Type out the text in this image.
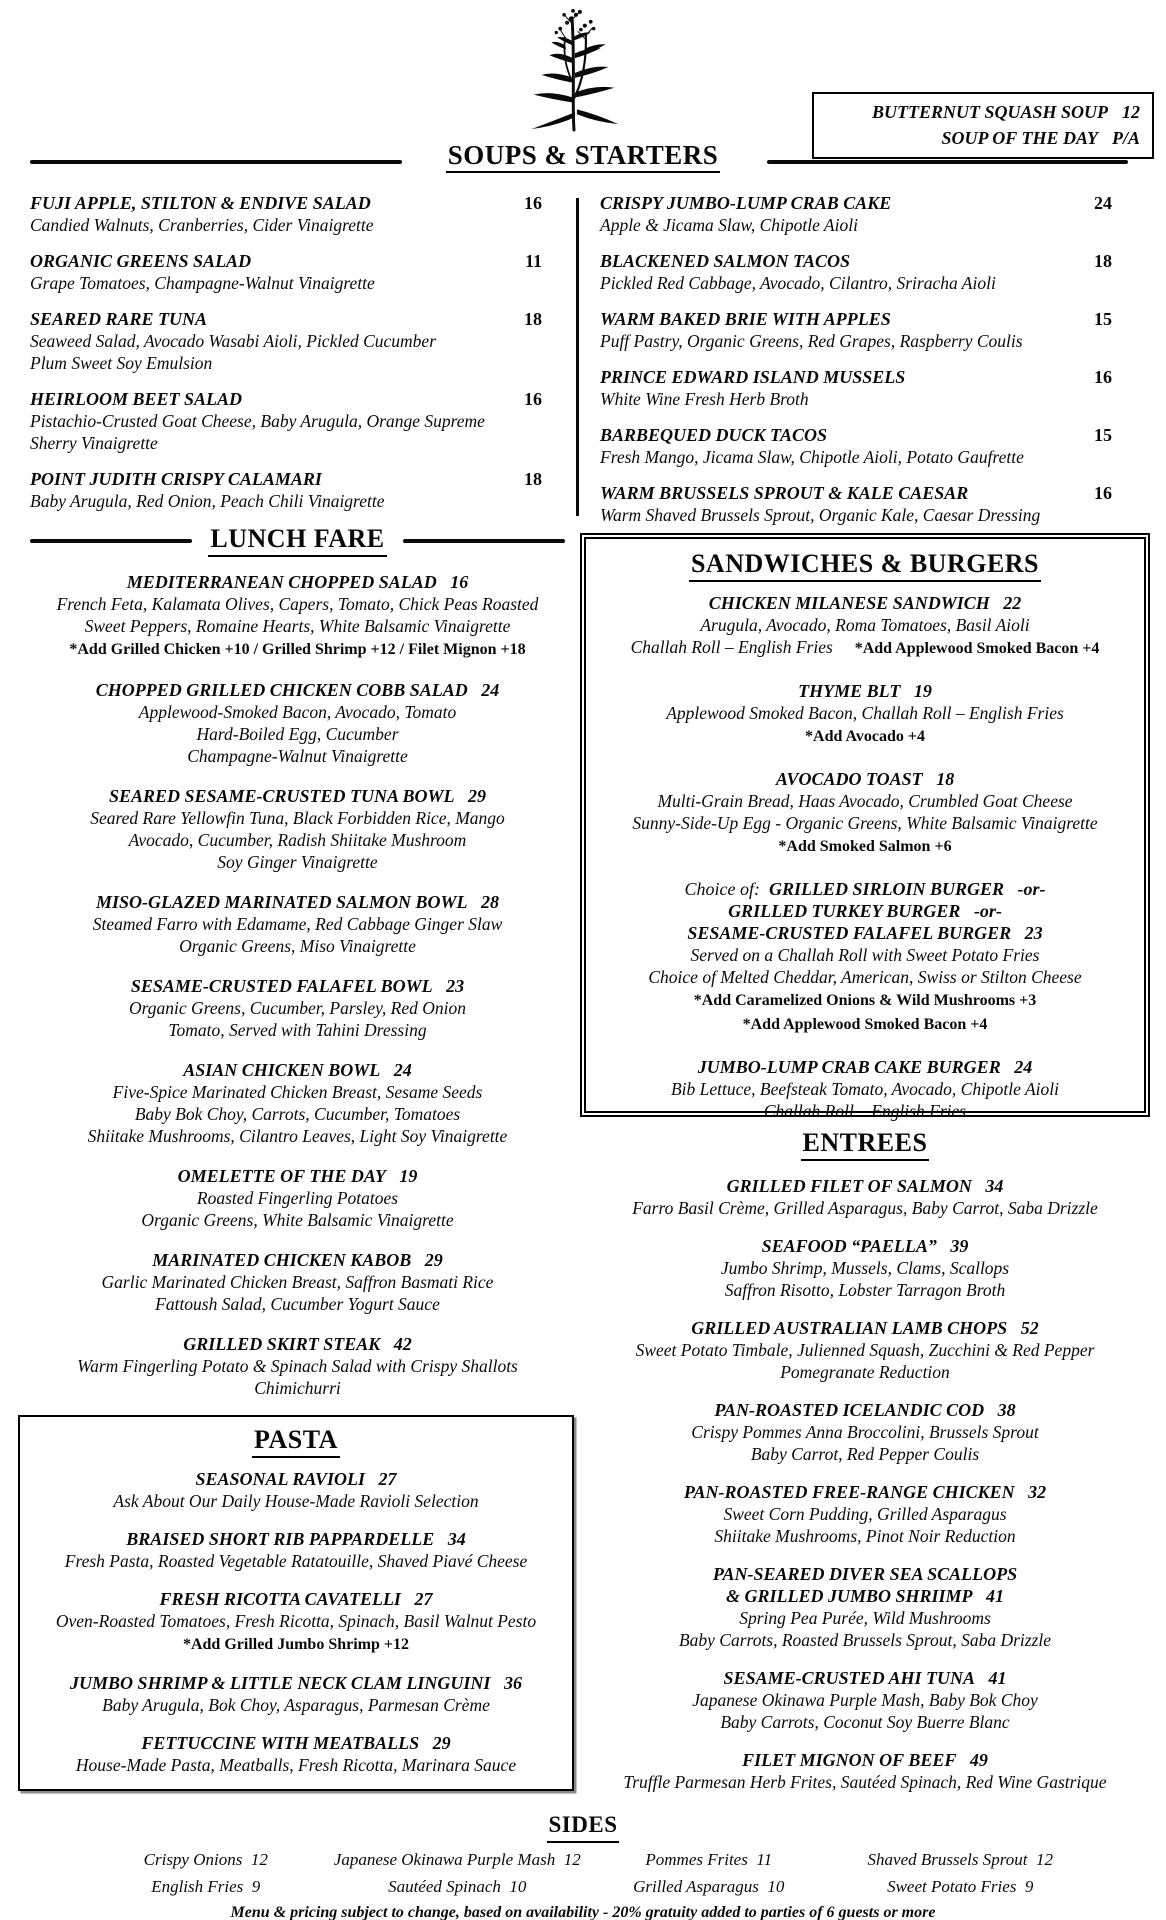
BUTTERNUT SQUASH SOUP 12
SOUP OF THE DAY P/A
SOUPS & STARTERS
FUJI APPLE, STILTON & ENDIVE SALAD	16
Candied Walnuts, Cranberries, Cider Vinaigrette
ORGANIC GREENS SALAD	11
Grape Tomatoes, Champagne-Walnut Vinaigrette
SEARED RARE TUNA	18
Seaweed Salad, Avocado Wasabi Aioli, Pickled Cucumber
Plum Sweet Soy Emulsion
HEIRLOOM BEET SALAD	16
Pistachio-Crusted Goat Cheese, Baby Arugula, Orange Supreme
Sherry Vinaigrette
POINT JUDITH CRISPY CALAMARI	18
Baby Arugula, Red Onion, Peach Chili Vinaigrette
CRISPY JUMBO-LUMP CRAB CAKE	24
Apple & Jicama Slaw, Chipotle Aioli
BLACKENED SALMON TACOS	18
Pickled Red Cabbage, Avocado, Cilantro, Sriracha Aioli
WARM BAKED BRIE WITH APPLES	15
Puff Pastry, Organic Greens, Red Grapes, Raspberry Coulis
PRINCE EDWARD ISLAND MUSSELS	16
White Wine Fresh Herb Broth
BARBEQUED DUCK TACOS	15
Fresh Mango, Jicama Slaw, Chipotle Aioli, Potato Gaufrette
WARM BRUSSELS SPROUT & KALE CAESAR	16
Warm Shaved Brussels Sprout, Organic Kale, Caesar Dressing
LUNCH FARE
MEDITERRANEAN CHOPPED SALAD 16
French Feta, Kalamata Olives, Capers, Tomato, Chick Peas Roasted
Sweet Peppers, Romaine Hearts, White Balsamic Vinaigrette
*Add Grilled Chicken +10 / Grilled Shrimp +12 / Filet Mignon +18
CHOPPED GRILLED CHICKEN COBB SALAD 24
Applewood-Smoked Bacon, Avocado, Tomato
Hard-Boiled Egg, Cucumber
Champagne-Walnut Vinaigrette
SEARED SESAME-CRUSTED TUNA BOWL 29
Seared Rare Yellowfin Tuna, Black Forbidden Rice, Mango
Avocado, Cucumber, Radish Shiitake Mushroom
Soy Ginger Vinaigrette
MISO-GLAZED MARINATED SALMON BOWL 28
Steamed Farro with Edamame, Red Cabbage Ginger Slaw
Organic Greens, Miso Vinaigrette
SESAME-CRUSTED FALAFEL BOWL 23
Organic Greens, Cucumber, Parsley, Red Onion
Tomato, Served with Tahini Dressing
ASIAN CHICKEN BOWL 24
Five-Spice Marinated Chicken Breast, Sesame Seeds
Baby Bok Choy, Carrots, Cucumber, Tomatoes
Shiitake Mushrooms, Cilantro Leaves, Light Soy Vinaigrette
OMELETTE OF THE DAY 19
Roasted Fingerling Potatoes
Organic Greens, White Balsamic Vinaigrette
MARINATED CHICKEN KABOB 29
Garlic Marinated Chicken Breast, Saffron Basmati Rice
Fattoush Salad, Cucumber Yogurt Sauce
GRILLED SKIRT STEAK 42
Warm Fingerling Potato & Spinach Salad with Crispy Shallots
Chimichurri
PASTA
SEASONAL RAVIOLI 27
Ask About Our Daily House-Made Ravioli Selection
BRAISED SHORT RIB PAPPARDELLE 34
Fresh Pasta, Roasted Vegetable Ratatouille, Shaved Piavé Cheese
FRESH RICOTTA CAVATELLI 27
Oven-Roasted Tomatoes, Fresh Ricotta, Spinach, Basil Walnut Pesto
*Add Grilled Jumbo Shrimp +12
JUMBO SHRIMP & LITTLE NECK CLAM LINGUINI 36
Baby Arugula, Bok Choy, Asparagus, Parmesan Crème
FETTUCCINE WITH MEATBALLS 29
House-Made Pasta, Meatballs, Fresh Ricotta, Marinara Sauce
SANDWICHES & BURGERS
CHICKEN MILANESE SANDWICH 22
Arugula, Avocado, Roma Tomatoes, Basil Aioli
Challah Roll – English Fries *Add Applewood Smoked Bacon +4
THYME BLT 19
Applewood Smoked Bacon, Challah Roll – English Fries
*Add Avocado +4
AVOCADO TOAST 18
Multi-Grain Bread, Haas Avocado, Crumbled Goat Cheese
Sunny-Side-Up Egg - Organic Greens, White Balsamic Vinaigrette
*Add Smoked Salmon +6
Choice of: GRILLED SIRLOIN BURGER -or-
GRILLED TURKEY BURGER -or-
SESAME-CRUSTED FALAFEL BURGER 23
Served on a Challah Roll with Sweet Potato Fries
Choice of Melted Cheddar, American, Swiss or Stilton Cheese
*Add Caramelized Onions & Wild Mushrooms +3
*Add Applewood Smoked Bacon +4
JUMBO-LUMP CRAB CAKE BURGER 24
Bib Lettuce, Beefsteak Tomato, Avocado, Chipotle Aioli
Challah Roll – English Fries
ENTREES
GRILLED FILET OF SALMON 34
Farro Basil Crème, Grilled Asparagus, Baby Carrot, Saba Drizzle
SEAFOOD “PAELLA” 39
Jumbo Shrimp, Mussels, Clams, Scallops
Saffron Risotto, Lobster Tarragon Broth
GRILLED AUSTRALIAN LAMB CHOPS 52
Sweet Potato Timbale, Julienned Squash, Zucchini & Red Pepper
Pomegranate Reduction
PAN-ROASTED ICELANDIC COD 38
Crispy Pommes Anna Broccolini, Brussels Sprout
Baby Carrot, Red Pepper Coulis
PAN-ROASTED FREE-RANGE CHICKEN 32
Sweet Corn Pudding, Grilled Asparagus
Shiitake Mushrooms, Pinot Noir Reduction
PAN-SEARED DIVER SEA SCALLOPS
& GRILLED JUMBO SHRIIMP 41
Spring Pea Purée, Wild Mushrooms
Baby Carrots, Roasted Brussels Sprout, Saba Drizzle
SESAME-CRUSTED AHI TUNA 41
Japanese Okinawa Purple Mash, Baby Bok Choy
Baby Carrots, Coconut Soy Buerre Blanc
FILET MIGNON OF BEEF 49
Truffle Parmesan Herb Frites, Sautéed Spinach, Red Wine Gastrique
SIDES
Crispy Onions  12	Japanese Okinawa Purple Mash  12	Pommes Frites  11	Shaved Brussels Sprout  12
English Fries  9	Sautéed Spinach  10	Grilled Asparagus  10	Sweet Potato Fries  9
Menu & pricing subject to change, based on availability - 20% gratuity added to parties of 6 guests or more
